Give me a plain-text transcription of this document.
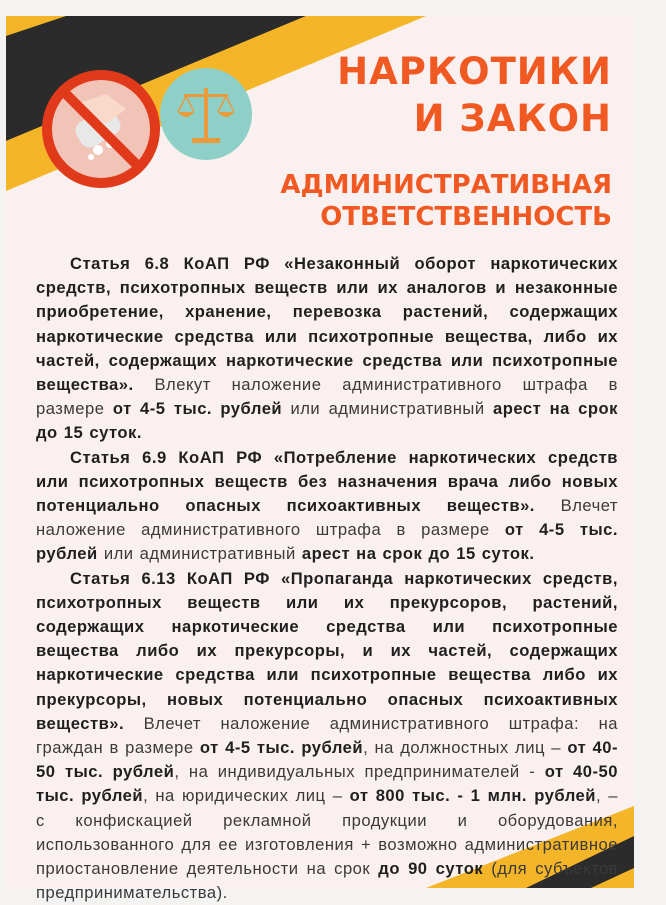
НАРКОТИКИ
И ЗАКОН
АДМИНИСТРАТИВНАЯ
ОТВЕТСТВЕННОСТЬ

Статья 6.8 КоАП РФ «Незаконный оборот наркотических средств, психотропных веществ или их аналогов и незаконные приобретение, хранение, перевозка растений, содержащих наркотические средства или психотропные вещества, либо их частей, содержащих наркотические средства или психотропные вещества». Влекут наложение административного штрафа в размере от 4-5 тыс. рублей или административный арест на срок до 15 суток.

Статья 6.9 КоАП РФ «Потребление наркотических средств или психотропных веществ без назначения врача либо новых потенциально опасных психоактивных веществ». Влечет наложение административного штрафа в размере от 4-5 тыс. рублей или административный арест на срок до 15 суток.

Статья 6.13 КоАП РФ «Пропаганда наркотических средств, психотропных веществ или их прекурсоров, растений, содержащих наркотические средства или психотропные вещества либо их прекурсоры, и их частей, содержащих наркотические средства или психотропные вещества либо их прекурсоры, новых потенциально опасных психоактивных веществ». Влечет наложение административного штрафа: на граждан в размере от 4-5 тыс. рублей, на должностных лиц – от 40-50 тыс. рублей, на индивидуальных предпринимателей - от 40-50 тыс. рублей, на юридических лиц – от 800 тыс. - 1 млн. рублей, – с конфискацией рекламной продукции и оборудования, использованного для ее изготовления + возможно административное приостановление деятельности на срок до 90 суток (для субъектов предпринимательства).
